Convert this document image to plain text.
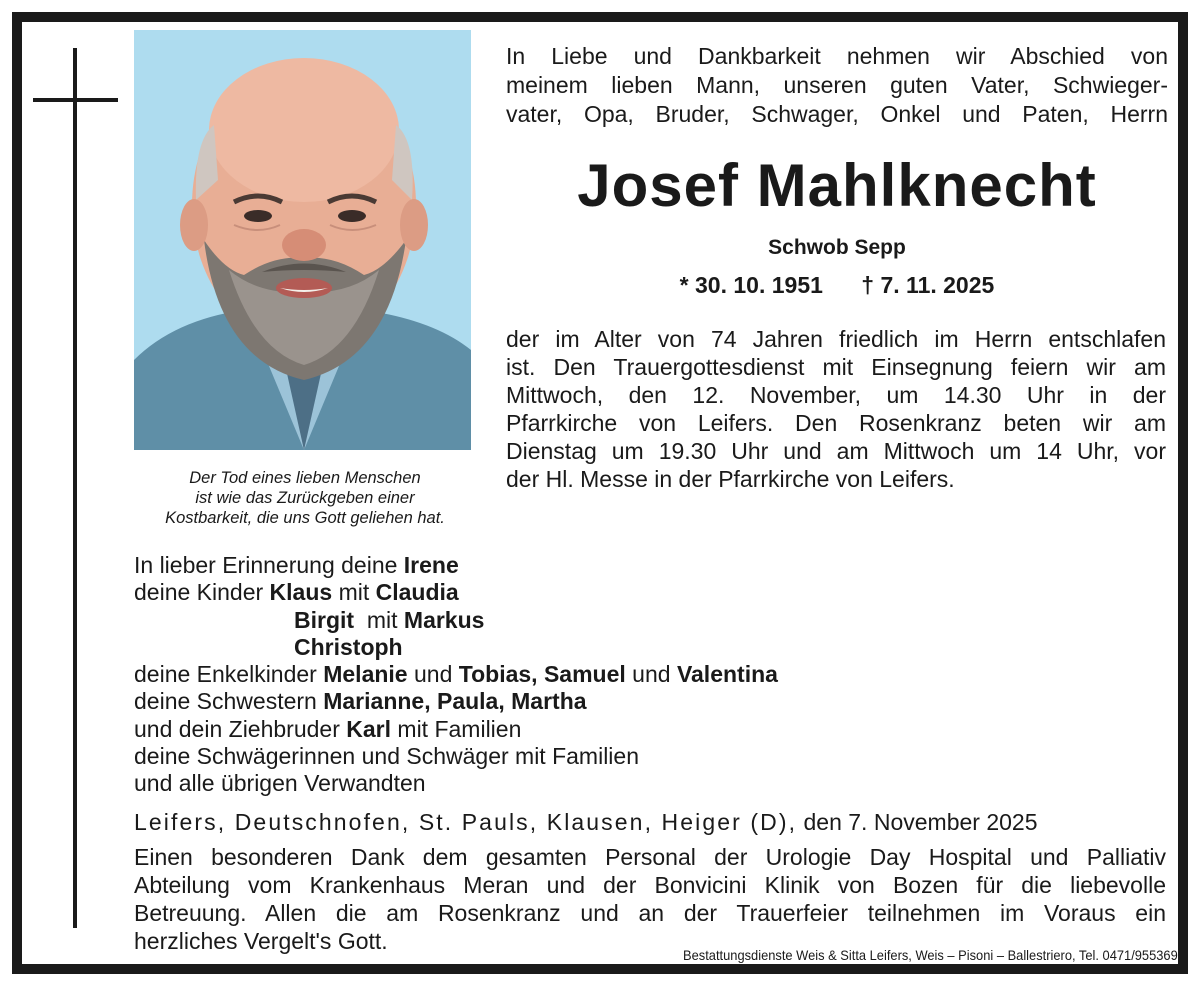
Der Tod eines lieben Menschen
ist wie das Zurückgeben einer
Kostbarkeit, die uns Gott geliehen hat.
In Liebe und Dankbarkeit nehmen wir Abschied von
meinem lieben Mann, unseren guten Vater, Schwieger-
vater, Opa, Bruder, Schwager, Onkel und Paten, Herrn
Josef Mahlknecht
Schwob Sepp
* 30. 10. 1951 † 7. 11. 2025
der im Alter von 74 Jahren friedlich im Herrn entschlafen
ist. Den Trauergottesdienst mit Einsegnung feiern wir am
Mittwoch, den 12. November, um 14.30 Uhr in der
Pfarrkirche von Leifers. Den Rosenkranz beten wir am
Dienstag um 19.30 Uhr und am Mittwoch um 14 Uhr, vor
der Hl. Messe in der Pfarrkirche von Leifers.
In lieber Erinnerung deine Irene
deine Kinder Klaus mit Claudia
Birgit  mit Markus
Christoph
deine Enkelkinder Melanie und Tobias, Samuel und Valentina
deine Schwestern Marianne, Paula, Martha
und dein Ziehbruder Karl mit Familien
deine Schwägerinnen und Schwäger mit Familien
und alle übrigen Verwandten
Leifers, Deutschnofen, St. Pauls, Klausen, Heiger (D), den 7. November 2025
Einen besonderen Dank dem gesamten Personal der Urologie Day Hospital und Palliativ
Abteilung vom Krankenhaus Meran und der Bonvicini Klinik von Bozen für die liebevolle
Betreuung. Allen die am Rosenkranz und an der Trauerfeier teilnehmen im Voraus ein
herzliches Vergelt's Gott.
Bestattungsdienste Weis & Sitta Leifers, Weis – Pisoni – Ballestriero, Tel. 0471/955369
